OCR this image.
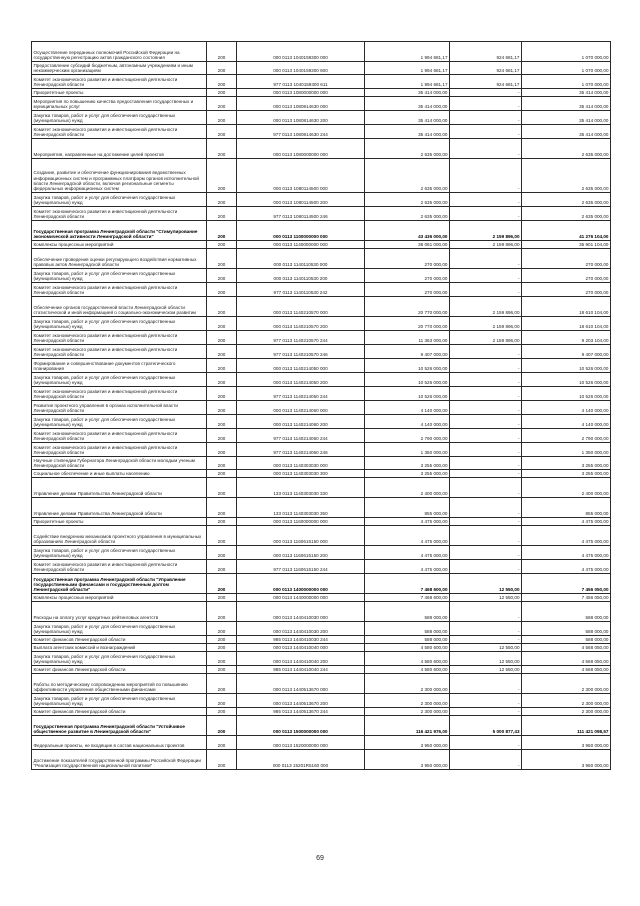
Осуществление переданных полномочий Российской Федерации на государственную регистрацию актов гражданского состояния	200	000 0113 1040159300 000	1 994 681,17	924 681,17	1 070 000,00
Предоставление субсидий бюджетным, автономным учреждениям и иным некоммерческим организациям	200	000 0113 1040159300 600	1 994 681,17	924 681,17	1 070 000,00
Комитет экономического развития и инвестиционной деятельности Ленинградской области	200	977 0113 1040159300 611	1 994 681,17	924 681,17	1 070 000,00
Приоритетные проекты	200	000 0113 1080000000 000	35 414 000,00	-	35 414 000,00
Мероприятия по повышению качества предоставления государственных и муниципальных услуг	200	000 0113 1080814630 000	35 414 000,00	-	35 414 000,00
Закупка товаров, работ и услуг для обеспечения государственных (муниципальных) нужд	200	000 0113 1080814630 200	35 414 000,00	-	35 414 000,00
Комитет экономического развития и инвестиционной деятельности Ленинградской области	200	977 0113 1080814630 244	35 414 000,00	-	35 414 000,00
Мероприятия, направленные на достижение целей проектов	200	000 0113 1080000000 000	2 635 000,00	-	2 635 000,00
Создание, развитие и обеспечение функционирования ведомственных информационных систем и программных платформ органов исполнительной власти Ленинградской области, включая региональные сегменты федеральных информационных систем	200	000 0113 1080114500 000	2 635 000,00	-	2 635 000,00
Закупка товаров, работ и услуг для обеспечения государственных (муниципальных) нужд	200	000 0113 1080114500 200	2 635 000,00	-	2 635 000,00
Комитет экономического развития и инвестиционной деятельности Ленинградской области	200	977 0113 1080114500 246	2 635 000,00	-	2 635 000,00
Государственная программа Ленинградской области "Стимулирование экономической активности Ленинградской области"	200	000 0113 1100000000 000	43 436 000,00	2 159 896,00	41 276 104,00
Комплексы процессных мероприятий	200	000 0113 1140000000 000	38 061 000,00	2 159 896,00	35 901 104,00
Обеспечение проведения оценки регулирующего воздействия нормативных правовых актов Ленинградской области	200	000 0113 1140110530 000	270 000,00	-	270 000,00
Закупка товаров, работ и услуг для обеспечения государственных (муниципальных) нужд	200	000 0113 1140110530 200	270 000,00	-	270 000,00
Комитет экономического развития и инвестиционной деятельности Ленинградской области	200	977 0113 1140110530 242	270 000,00	-	270 000,00
Обеспечение органов государственной власти Ленинградской области статистической и иной информацией о социально-экономическом развитии	200	000 0113 1140210570 000	20 770 000,00	2 159 896,00	18 610 104,00
Закупка товаров, работ и услуг для обеспечения государственных (муниципальных) нужд	200	000 0113 1140210570 200	20 770 000,00	2 159 896,00	18 610 104,00
Комитет экономического развития и инвестиционной деятельности Ленинградской области	200	977 0113 1140210570 244	11 363 000,00	2 159 896,00	9 203 104,00
Комитет экономического развития и инвестиционной деятельности Ленинградской области	200	977 0113 1140210570 246	9 407 000,00	-	9 407 000,00
Формирование и совершенствование документов стратегического планирования	200	000 0113 1140214050 000	10 526 000,00	-	10 526 000,00
Закупка товаров, работ и услуг для обеспечения государственных (муниципальных) нужд	200	000 0113 1140214050 200	10 526 000,00	-	10 526 000,00
Комитет экономического развития и инвестиционной деятельности Ленинградской области	200	977 0113 1140214050 244	10 526 000,00	-	10 526 000,00
Развитие проектного управления в органах исполнительной власти Ленинградской области	200	000 0113 1140214060 000	4 140 000,00	-	4 140 000,00
Закупка товаров, работ и услуг для обеспечения государственных (муниципальных) нужд	200	000 0113 1140214060 200	4 140 000,00	-	4 140 000,00
Комитет экономического развития и инвестиционной деятельности Ленинградской области	200	977 0113 1140214060 244	2 790 000,00	-	2 790 000,00
Комитет экономического развития и инвестиционной деятельности Ленинградской области	200	977 0113 1140214060 246	1 350 000,00	-	1 350 000,00
Научные стипендии Губернатора Ленинградской области молодым ученым Ленинградской области	200	000 0113 1140303030 000	3 255 000,00	-	3 255 000,00
Социальное обеспечение и иные выплаты населению	200	000 0113 1140303030 300	3 255 000,00	-	3 255 000,00
Управление делами Правительства Ленинградской области	200	133 0113 1140303030 330	2 400 000,00	-	2 400 000,00
Управление делами Правительства Ленинградской области	200	133 0113 1140303030 350	855 000,00	-	855 000,00
Приоритетные проекты	200	000 0113 1160000000 000	4 475 000,00	-	4 475 000,00
Содействие внедрению механизмов проектного управления в муниципальных образованиях Ленинградской области	200	000 0113 1160615150 000	4 475 000,00	-	4 475 000,00
Закупка товаров, работ и услуг для обеспечения государственных (муниципальных) нужд	200	000 0113 1160615150 200	4 475 000,00	-	4 475 000,00
Комитет экономического развития и инвестиционной деятельности Ленинградской области	200	977 0113 1160615150 244	4 475 000,00	-	4 475 000,00
Государственная программа Ленинградской области "Управление государственными финансами и государственным долгом Ленинградской области"	200	000 0113 1400000000 000	7 468 600,00	12 550,00	7 456 050,00
Комплексы процессных мероприятий	200	000 0113 1440000000 000	7 468 600,00	12 550,00	7 456 050,00
Расходы на оплату услуг кредитных рейтинговых агентств	200	000 0113 1440410030 000	588 000,00	-	588 000,00
Закупка товаров, работ и услуг для обеспечения государственных (муниципальных) нужд	200	000 0113 1440410030 200	588 000,00	-	588 000,00
Комитет финансов Ленинградской области	200	985 0113 1440410030 244	588 000,00	-	588 000,00
Выплата агентских комиссий и вознаграждений	200	000 0113 1440410040 000	4 580 600,00	12 550,00	4 568 050,00
Закупка товаров, работ и услуг для обеспечения государственных (муниципальных) нужд	200	000 0113 1440410040 200	4 580 600,00	12 550,00	4 568 050,00
Комитет финансов Ленинградской области	200	985 0113 1440410040 244	4 580 600,00	12 550,00	4 568 050,00
Работы по методическому сопровождению мероприятий по повышению эффективности управления общественными финансами	200	000 0113 1440513670 000	2 300 000,00	-	2 300 000,00
Закупка товаров, работ и услуг для обеспечения государственных (муниципальных) нужд	200	000 0113 1440513670 200	2 300 000,00	-	2 300 000,00
Комитет финансов Ленинградской области	200	985 0113 1440513670 244	2 300 000,00	-	2 300 000,00
Государственная программа Ленинградской области "Устойчивое общественное развитие в Ленинградской области"	200	000 0113 1500000000 000	116 421 976,00	5 000 877,43	111 421 098,57
Федеральные проекты, не входящие в состав национальных проектов	200	000 0113 1520000000 000	3 950 000,00	-	3 950 000,00
Достижение показателей государственной программы Российской Федерации "Реализация государственной национальной политики"	200	000 0113 15201R5160 000	3 950 000,00	-	3 950 000,00
69
